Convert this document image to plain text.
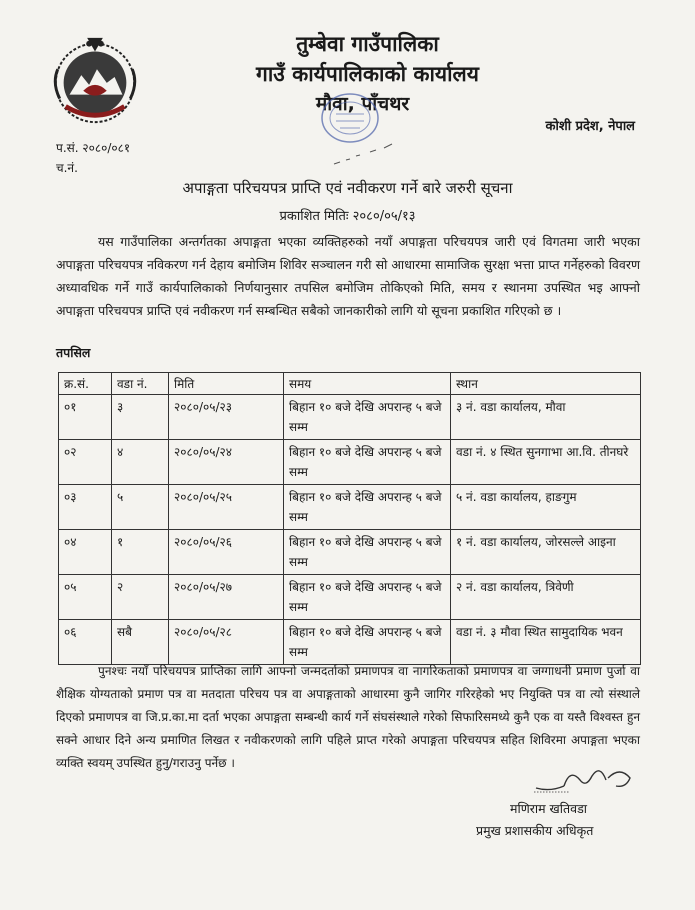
तुम्बेवा गाउँपालिका
गाउँ कार्यपालिकाको कार्यालय
मौवा, पाँचथर
कोशी प्रदेश, नेपाल
प.सं. २०८०/०८१
च.नं.
अपाङ्गता परिचयपत्र प्राप्ति एवं नवीकरण गर्ने बारे जरुरी सूचना
प्रकाशित मितिः २०८०/०५/१३
यस गाउँपालिका अन्तर्गतका अपाङ्गता भएका व्यक्तिहरुको नयाँ अपाङ्गता परिचयपत्र जारी एवं विगतमा जारी भएका अपाङ्गता परिचयपत्र नविकरण गर्न देहाय बमोजिम शिविर सञ्चालन गरी सो आधारमा सामाजिक सुरक्षा भत्ता प्राप्त गर्नेहरुको विवरण अध्यावधिक गर्ने गाउँ कार्यपालिकाको निर्णयानुसार तपसिल बमोजिम तोकिएको मिति, समय र स्थानमा उपस्थित भइ आफ्नो अपाङ्गता परिचयपत्र प्राप्ति एवं नवीकरण गर्न सम्बन्धित सबैको जानकारीको लागि यो सूचना प्रकाशित गरिएको छ ।
तपसिल
क्र.सं.	वडा नं.	मिति	समय	स्थान
०१	३	२०८०/०५/२३	बिहान १० बजे देखि अपरान्ह ५ बजे सम्म	३ नं. वडा कार्यालय, मौवा
०२	४	२०८०/०५/२४	बिहान १० बजे देखि अपरान्ह ५ बजे सम्म	वडा नं. ४ स्थित सुनगाभा आ.वि. तीनघरे
०३	५	२०८०/०५/२५	बिहान १० बजे देखि अपरान्ह ५ बजे सम्म	५ नं. वडा कार्यालय, हाङगुम
०४	१	२०८०/०५/२६	बिहान १० बजे देखि अपरान्ह ५ बजे सम्म	१ नं. वडा कार्यालय, जोरसल्ले आइना
०५	२	२०८०/०५/२७	बिहान १० बजे देखि अपरान्ह ५ बजे सम्म	२ नं. वडा कार्यालय, त्रिवेणी
०६	सबै	२०८०/०५/२८	बिहान १० बजे देखि अपरान्ह ५ बजे सम्म	वडा नं. ३ मौवा स्थित सामुदायिक भवन
पुनश्चः नयाँ परिचयपत्र प्राप्तिका लागि आफ्नो जन्मदर्ताको प्रमाणपत्र वा नागरिकताको प्रमाणपत्र वा जग्गाधनी प्रमाण पुर्जा वा शैक्षिक योग्यताको प्रमाण पत्र वा मतदाता परिचय पत्र वा अपाङ्गताको आधारमा कुनै जागिर गरिरहेको भए नियुक्ति पत्र वा त्यो संस्थाले दिएको प्रमाणपत्र वा जि.प्र.का.मा दर्ता भएका अपाङ्गता सम्बन्धी कार्य गर्ने संघसंस्थाले गरेको सिफारिसमध्ये कुनै एक वा यस्तै विश्वस्त हुन सक्ने आधार दिने अन्य प्रमाणित लिखत र नवीकरणको लागि पहिले प्राप्त गरेको अपाङ्गता परिचयपत्र सहित शिविरमा अपाङ्गता भएका व्यक्ति स्वयम् उपस्थित हुनु/गराउनु पर्नेछ ।
मणिराम खतिवडा
प्रमुख प्रशासकीय अधिकृत
